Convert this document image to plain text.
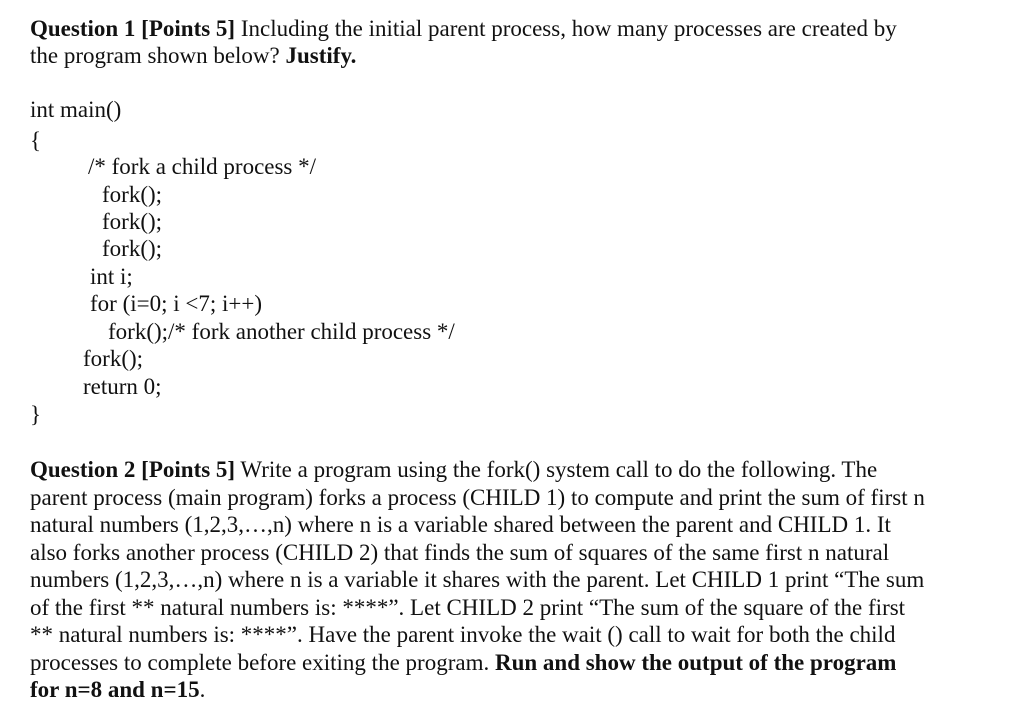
Question 1 [Points 5] Including the initial parent process, how many processes are created by
the program shown below? Justify.
int main()
{
/* fork a child process */
fork();
fork();
fork();
int i;
for (i=0; i <7; i++)
fork();/* fork another child process */
fork();
return 0;
}
Question 2 [Points 5] Write a program using the fork() system call to do the following. The
parent process (main program) forks a process (CHILD 1) to compute and print the sum of first n
natural numbers (1,2,3,…,n) where n is a variable shared between the parent and CHILD 1. It
also forks another process (CHILD 2) that finds the sum of squares of the same first n natural
numbers (1,2,3,…,n) where n is a variable it shares with the parent. Let CHILD 1 print “The sum
of the first ** natural numbers is: ****”. Let CHILD 2 print “The sum of the square of the first
** natural numbers is: ****”. Have the parent invoke the wait () call to wait for both the child
processes to complete before exiting the program. Run and show the output of the program
for n=8 and n=15.
